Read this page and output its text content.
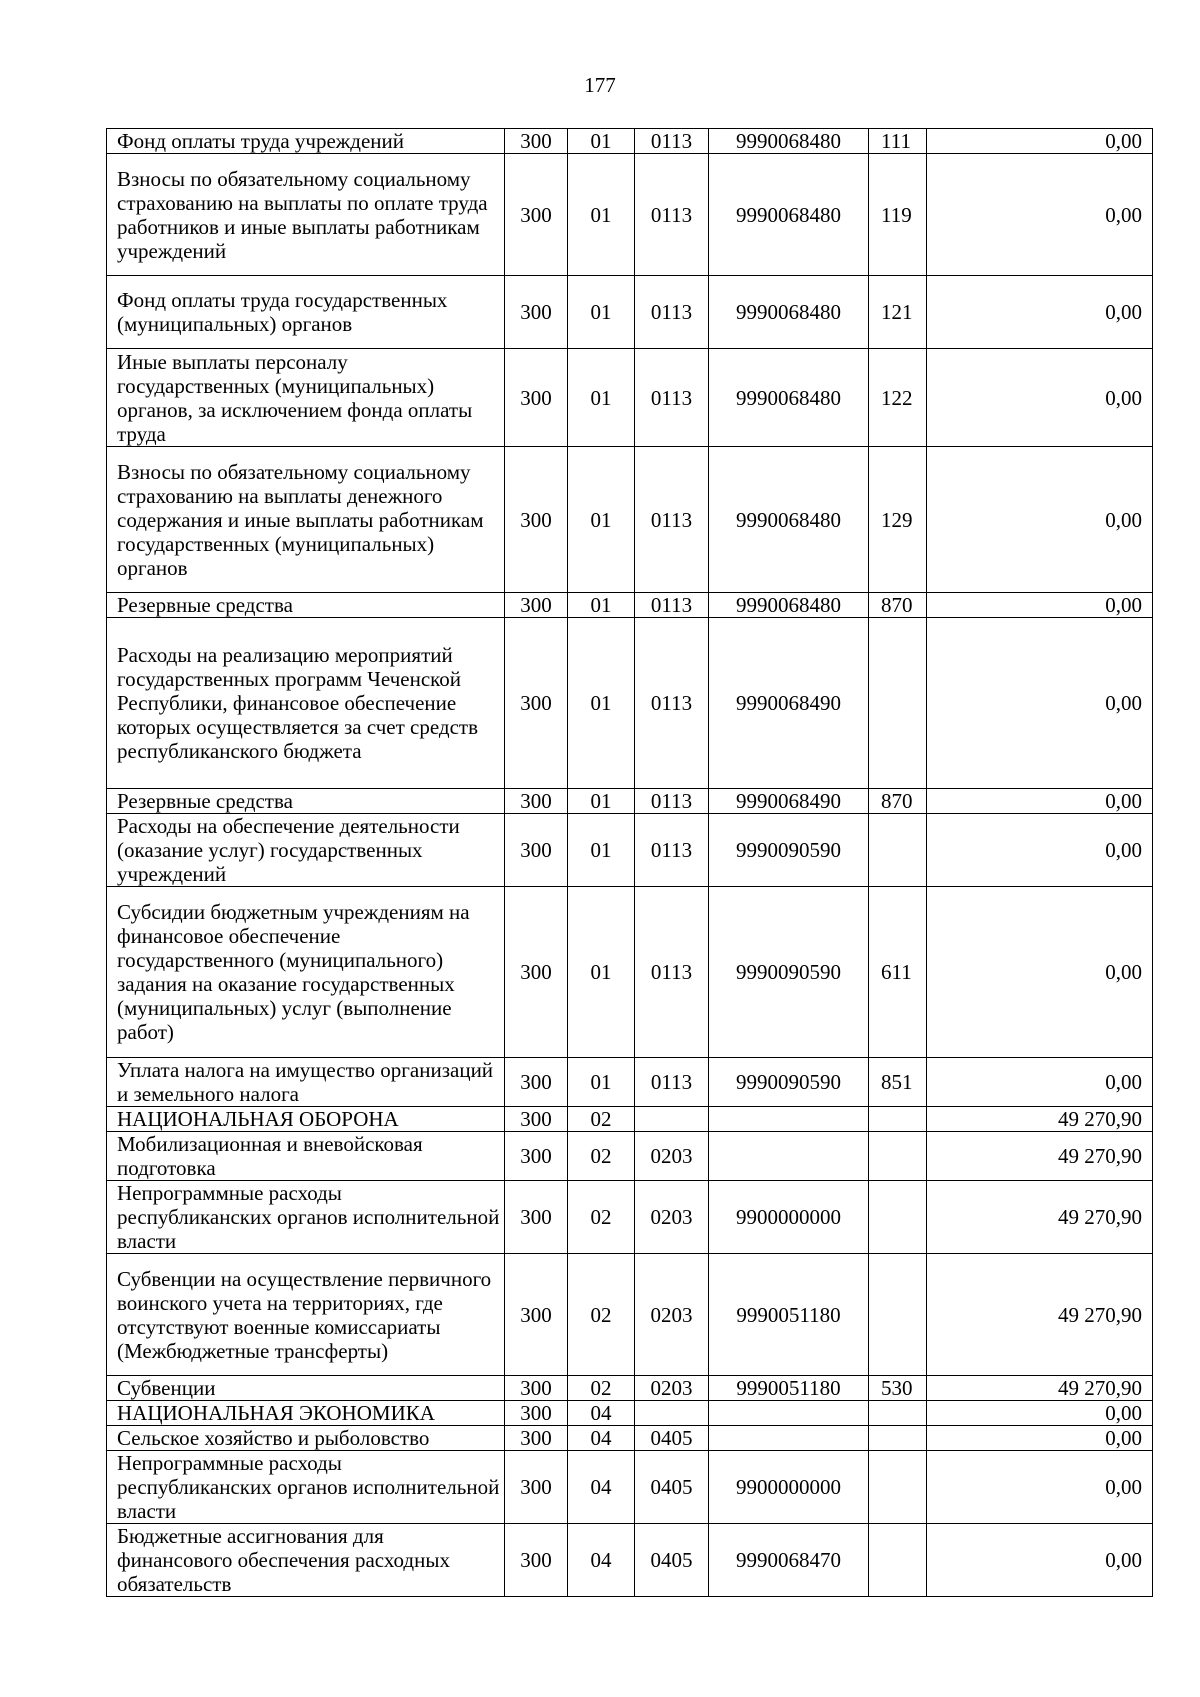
177
Фонд оплаты труда учреждений	300	01	0113	9990068480	111	0,00
Взносы по обязательному социальному страхованию на выплаты по оплате труда работников и иные выплаты работникам учреждений	300	01	0113	9990068480	119	0,00
Фонд оплаты труда государственных (муниципальных) органов	300	01	0113	9990068480	121	0,00
Иные выплаты персоналу государственных (муниципальных) органов, за исключением фонда оплаты труда	300	01	0113	9990068480	122	0,00
Взносы по обязательному социальному страхованию на выплаты денежного содержания и иные выплаты работникам государственных (муниципальных) органов	300	01	0113	9990068480	129	0,00
Резервные средства	300	01	0113	9990068480	870	0,00
Расходы на реализацию мероприятий государственных программ Чеченской Республики, финансовое обеспечение которых осуществляется за счет средств республиканского бюджета	300	01	0113	9990068490		0,00
Резервные средства	300	01	0113	9990068490	870	0,00
Расходы на обеспечение деятельности (оказание услуг) государственных учреждений	300	01	0113	9990090590		0,00
Субсидии бюджетным учреждениям на финансовое обеспечение государственного (муниципального) задания на оказание государственных (муниципальных) услуг (выполнение работ)	300	01	0113	9990090590	611	0,00
Уплата налога на имущество организаций и земельного налога	300	01	0113	9990090590	851	0,00
НАЦИОНАЛЬНАЯ ОБОРОНА	300	02				49 270,90
Мобилизационная и вневойсковая подготовка	300	02	0203			49 270,90
Непрограммные расходы республиканских органов исполнительной власти	300	02	0203	9900000000		49 270,90
Субвенции на осуществление первичного воинского учета на территориях, где отсутствуют военные комиссариаты (Межбюджетные трансферты)	300	02	0203	9990051180		49 270,90
Субвенции	300	02	0203	9990051180	530	49 270,90
НАЦИОНАЛЬНАЯ ЭКОНОМИКА	300	04				0,00
Сельское хозяйство и рыболовство	300	04	0405			0,00
Непрограммные расходы республиканских органов исполнительной власти	300	04	0405	9900000000		0,00
Бюджетные ассигнования для финансового обеспечения расходных обязательств	300	04	0405	9990068470		0,00
